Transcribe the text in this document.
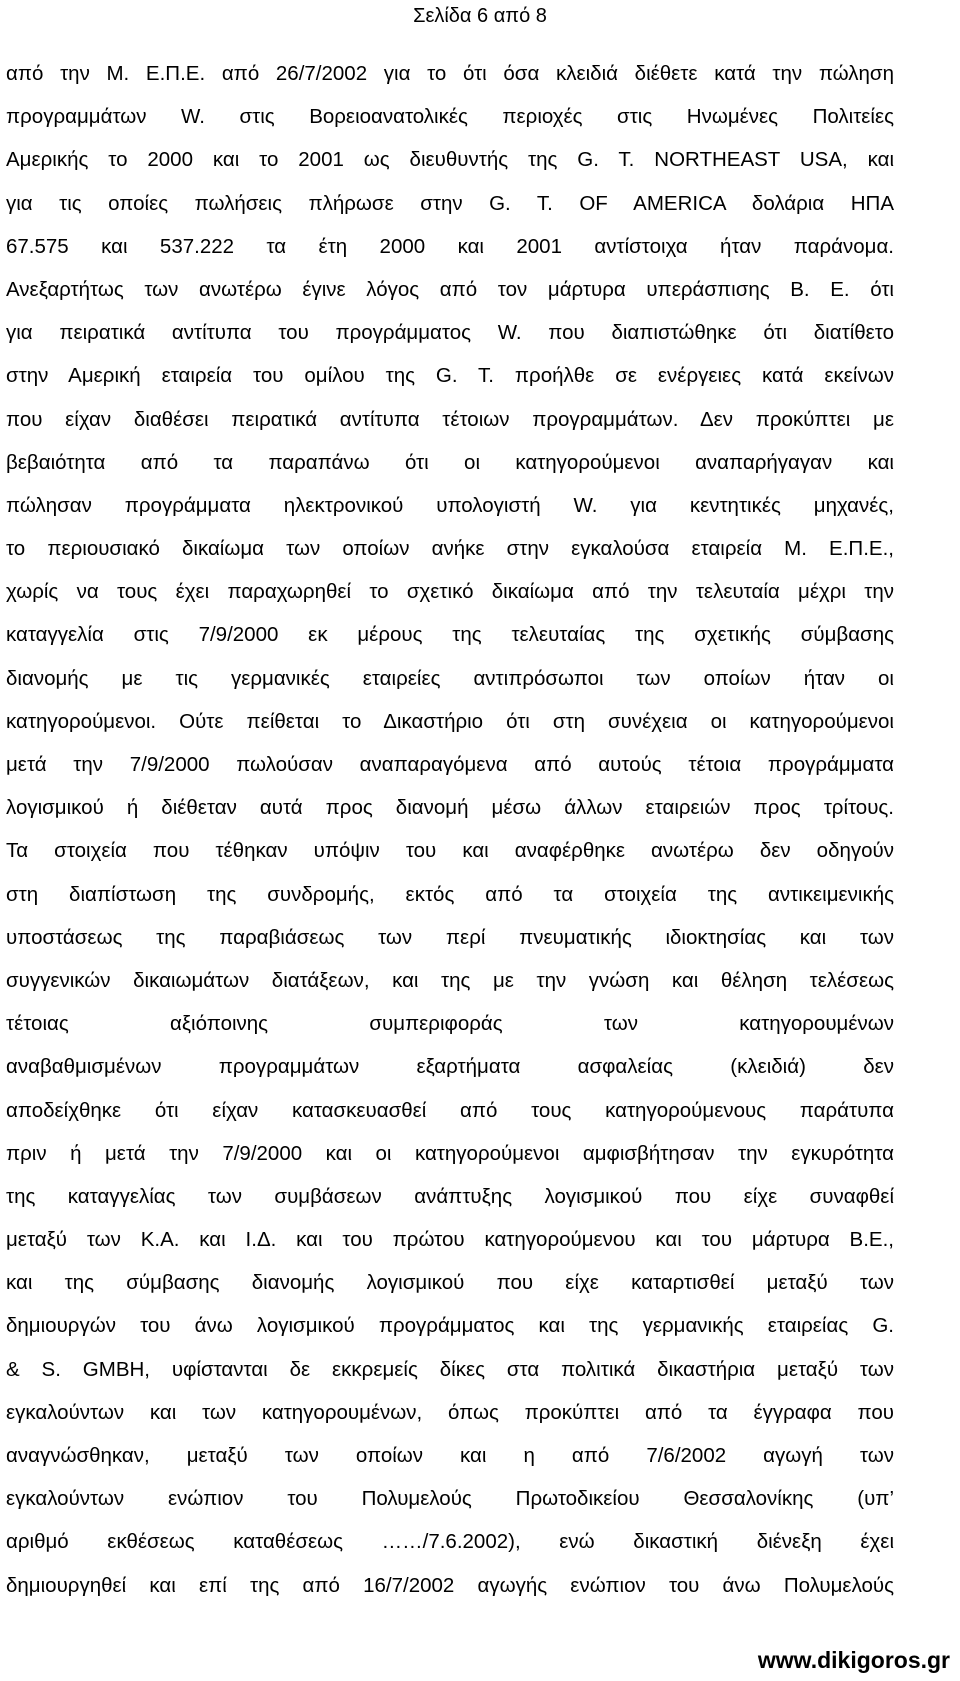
Σελίδα 6 από 8
από την Μ. Ε.Π.Ε. από 26/7/2002 για το ότι όσα κλειδιά διέθετε κατά την πώληση
προγραμμάτων W. στις Βορειοανατολικές περιοχές στις Ηνωμένες Πολιτείες
Αμερικής το 2000 και το 2001 ως διευθυντής της G. T. NORTHEAST USA, και
για τις οποίες πωλήσεις πλήρωσε στην G. T. OF AMERICA δολάρια ΗΠΑ
67.575 και 537.222 τα έτη 2000 και 2001 αντίστοιχα ήταν παράνομα.
Ανεξαρτήτως των ανωτέρω έγινε λόγος από τον μάρτυρα υπεράσπισης Β. Ε. ότι
για πειρατικά αντίτυπα του προγράμματος W. που διαπιστώθηκε ότι διατίθετο
στην Αμερική εταιρεία του ομίλου της G. T. προήλθε σε ενέργειες κατά εκείνων
που είχαν διαθέσει πειρατικά αντίτυπα τέτοιων προγραμμάτων. Δεν προκύπτει με
βεβαιότητα από τα παραπάνω ότι οι κατηγορούμενοι αναπαρήγαγαν και
πώλησαν προγράμματα ηλεκτρονικού υπολογιστή W. για κεντητικές μηχανές,
το περιουσιακό δικαίωμα των οποίων ανήκε στην εγκαλούσα εταιρεία Μ. Ε.Π.Ε.,
χωρίς να τους έχει παραχωρηθεί το σχετικό δικαίωμα από την τελευταία μέχρι την
καταγγελία στις 7/9/2000 εκ μέρους της τελευταίας της σχετικής σύμβασης
διανομής με τις γερμανικές εταιρείες αντιπρόσωποι των οποίων ήταν οι
κατηγορούμενοι. Ούτε πείθεται το Δικαστήριο ότι στη συνέχεια οι κατηγορούμενοι
μετά την 7/9/2000 πωλούσαν αναπαραγόμενα από αυτούς τέτοια προγράμματα
λογισμικού ή διέθεταν αυτά προς διανομή μέσω άλλων εταιρειών προς τρίτους.
Τα στοιχεία που τέθηκαν υπόψιν του και αναφέρθηκε ανωτέρω δεν οδηγούν
στη διαπίστωση της συνδρομής, εκτός από τα στοιχεία της αντικειμενικής
υποστάσεως της παραβιάσεως των περί πνευματικής ιδιοκτησίας και των
συγγενικών δικαιωμάτων διατάξεων, και της με την γνώση και θέληση τελέσεως
τέτοιας αξιόποινης συμπεριφοράς των κατηγορουμένων
αναβαθμισμένων προγραμμάτων εξαρτήματα ασφαλείας (κλειδιά) δεν
αποδείχθηκε ότι είχαν κατασκευασθεί από τους κατηγορούμενους παράτυπα
πριν ή μετά την 7/9/2000 και οι κατηγορούμενοι αμφισβήτησαν την εγκυρότητα
της καταγγελίας των συμβάσεων ανάπτυξης λογισμικού που είχε συναφθεί
μεταξύ των Κ.Α. και Ι.Δ. και του πρώτου κατηγορούμενου και του μάρτυρα Β.Ε.,
και της σύμβασης διανομής λογισμικού που είχε καταρτισθεί μεταξύ των
δημιουργών του άνω λογισμικού προγράμματος και της γερμανικής εταιρείας G.
& S. GMBH, υφίστανται δε εκκρεμείς δίκες στα πολιτικά δικαστήρια μεταξύ των
εγκαλούντων και των κατηγορουμένων, όπως προκύπτει από τα έγγραφα που
αναγνώσθηκαν, μεταξύ των οποίων και η από 7/6/2002 αγωγή των
εγκαλούντων ενώπιον του Πολυμελούς Πρωτοδικείου Θεσσαλονίκης (υπ’
αριθμό εκθέσεως καταθέσεως ……/7.6.2002), ενώ δικαστική διένεξη έχει
δημιουργηθεί και επί της από 16/7/2002 αγωγής ενώπιον του άνω Πολυμελούς
www.dikigoros.gr
